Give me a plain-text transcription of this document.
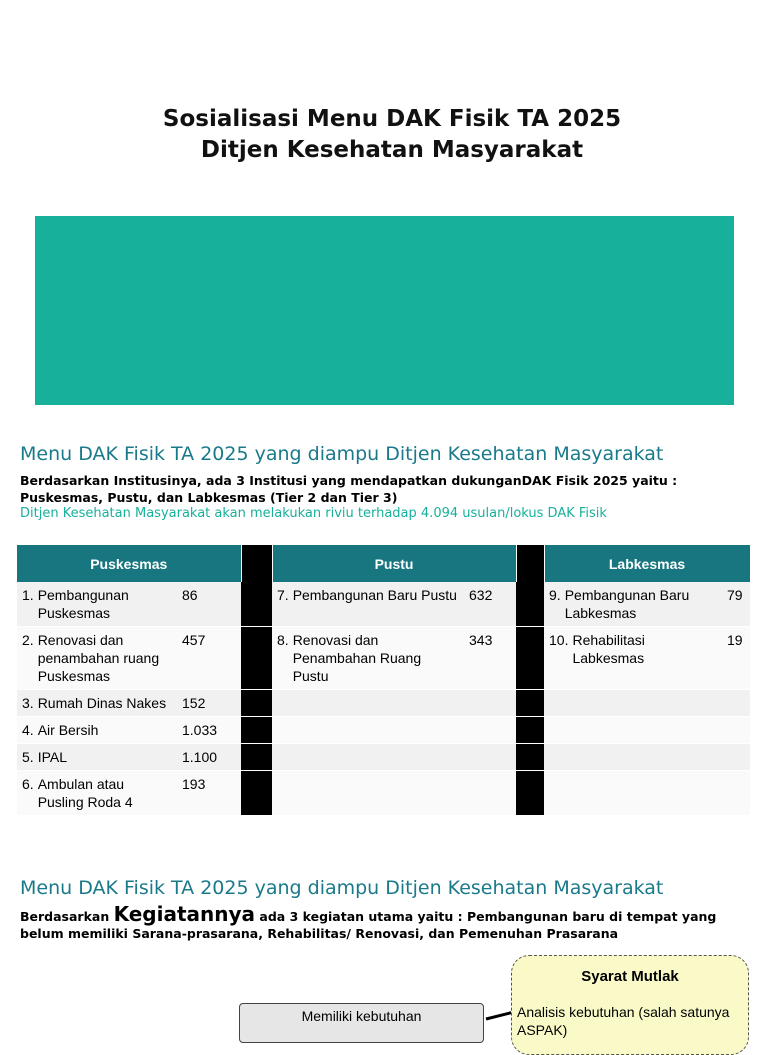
Sosialisasi Menu DAK Fisik TA 2025
Ditjen Kesehatan Masyarakat
Menu DAK Fisik TA 2025 yang diampu Ditjen Kesehatan Masyarakat
Berdasarkan Institusinya, ada 3 Institusi yang mendapatkan dukunganDAK Fisik 2025 yaitu :
Puskesmas, Pustu, dan Labkesmas (Tier 2 dan Tier 3)
Ditjen Kesehatan Masyarakat akan melakukan riviu terhadap 4.094 usulan/lokus DAK Fisik
Puskesmas			Pustu			Labkesmas	

1. Pembangunan Puskesmas	86		7. Pembangunan Baru Pustu	632		9. Pembangunan Baru Labkesmas	79

2. Renovasi dan penambahan ruang Puskesmas	457		8. Renovasi dan Penambahan Ruang Pustu	343		10. Rehabilitasi Labkesmas	19

3. Rumah Dinas Nakes	152						

4. Air Bersih	1.033						

5. IPAL	1.100						

6. Ambulan atau Pusling Roda 4	193						
Menu DAK Fisik TA 2025 yang diampu Ditjen Kesehatan Masyarakat
Berdasarkan Kegiatannya ada 3 kegiatan utama yaitu : Pembangunan baru di tempat yang
belum memiliki Sarana-prasarana, Rehabilitas/ Renovasi, dan Pemenuhan Prasarana
Memiliki kebutuhan
Syarat Mutlak
Analisis kebutuhan (salah satunya ASPAK)
